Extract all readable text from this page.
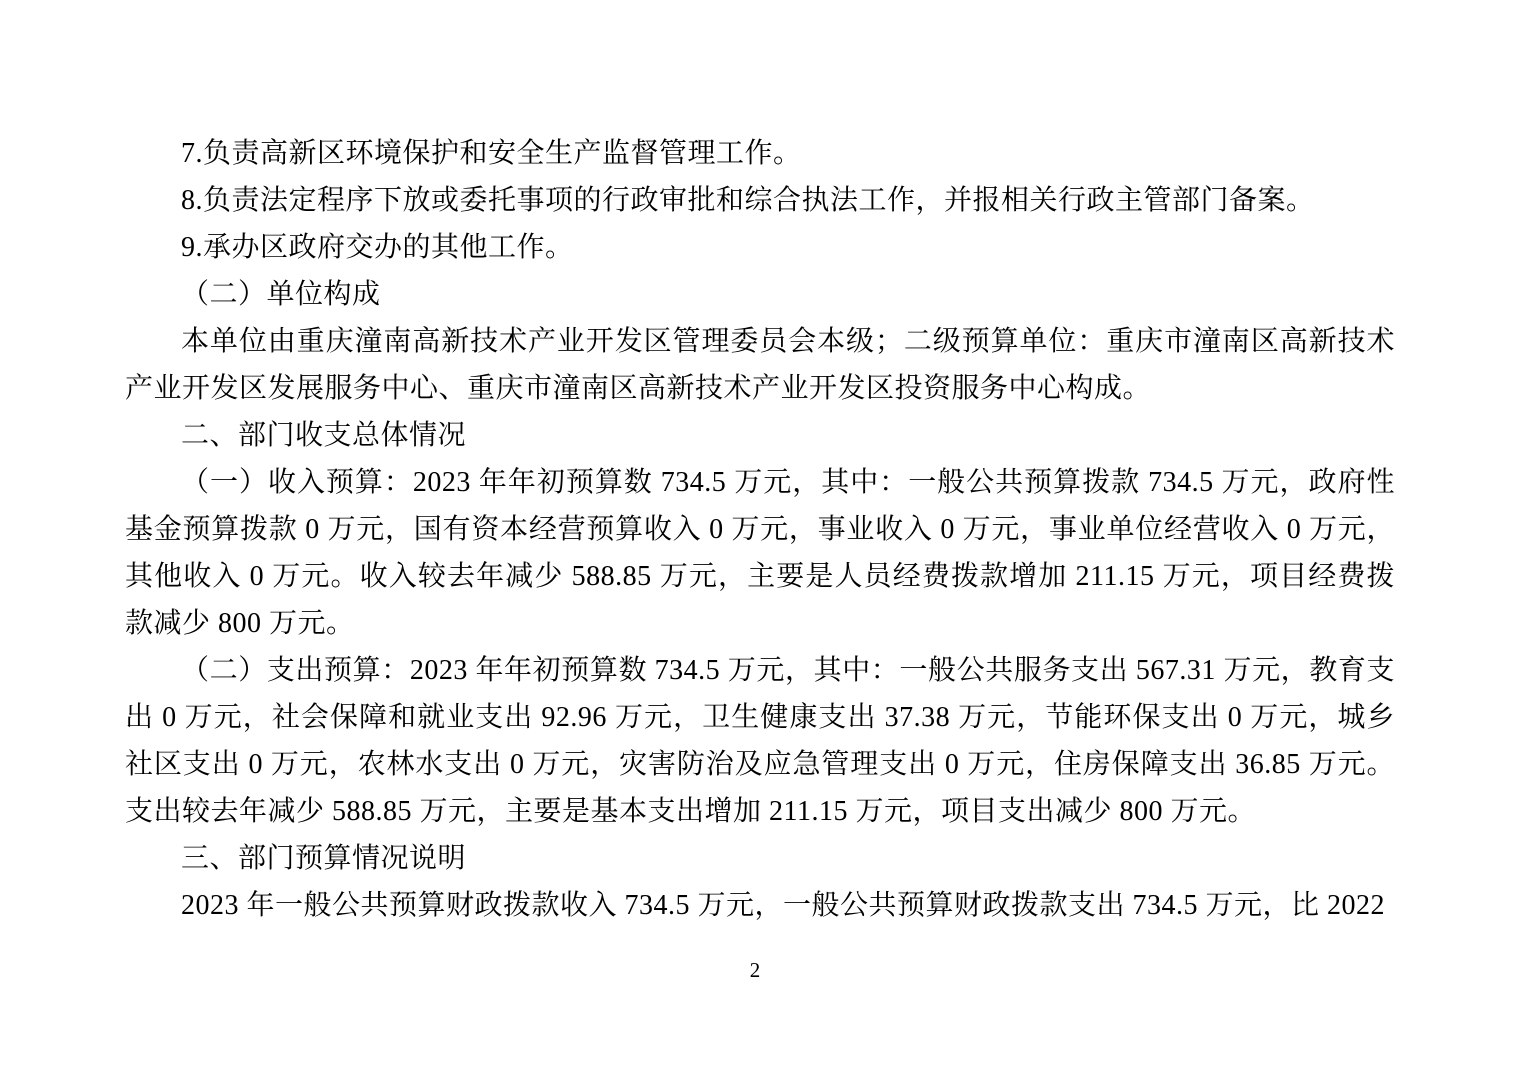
7.负责高新区环境保护和安全生产监督管理工作。

8.负责法定程序下放或委托事项的行政审批和综合执法工作，并报相关行政主管部门备案。

9.承办区政府交办的其他工作。

（二）单位构成

本单位由重庆潼南高新技术产业开发区管理委员会本级；二级预算单位：重庆市潼南区高新技术产业开发区发展服务中心、重庆市潼南区高新技术产业开发区投资服务中心构成。

二、部门收支总体情况

（一）收入预算：2023 年年初预算数 734.5 万元，其中：一般公共预算拨款 734.5 万元，政府性基金预算拨款 0 万元，国有资本经营预算收入 0 万元，事业收入 0 万元，事业单位经营收入 0 万元，其他收入 0 万元。收入较去年减少 588.85 万元，主要是人员经费拨款增加 211.15 万元，项目经费拨款减少 800 万元。

（二）支出预算：2023 年年初预算数 734.5 万元，其中：一般公共服务支出 567.31 万元，教育支出 0 万元，社会保障和就业支出 92.96 万元，卫生健康支出 37.38 万元，节能环保支出 0 万元，城乡社区支出 0 万元，农林水支出 0 万元，灾害防治及应急管理支出 0 万元，住房保障支出 36.85 万元。支出较去年减少 588.85 万元，主要是基本支出增加 211.15 万元，项目支出减少 800 万元。

三、部门预算情况说明

2023 年一般公共预算财政拨款收入 734.5 万元，一般公共预算财政拨款支出 734.5 万元，比 2022

2
